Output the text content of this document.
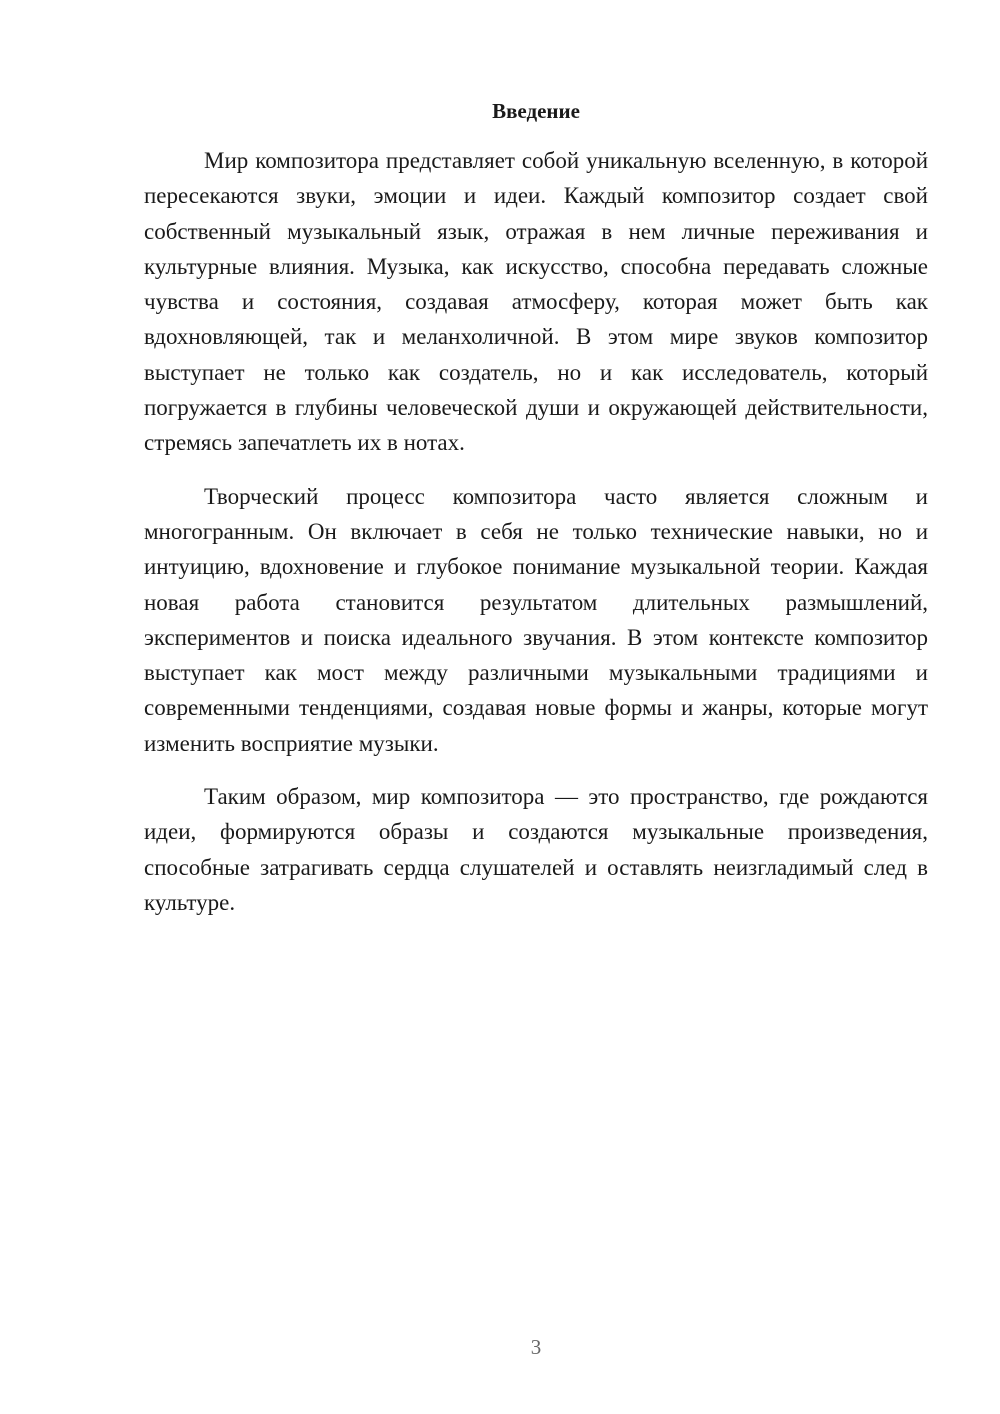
Введение

Мир композитора представляет собой уникальную вселенную, в которой пересекаются звуки, эмоции и идеи. Каждый композитор создает свой собственный музыкальный язык, отражая в нем личные переживания и культурные влияния. Музыка, как искусство, способна передавать сложные чувства и состояния, создавая атмосферу, которая может быть как вдохновляющей, так и меланхоличной. В этом мире звуков композитор выступает не только как создатель, но и как исследователь, который погружается в глубины человеческой души и окружающей действительности, стремясь запечатлеть их в нотах.

Творческий процесс композитора часто является сложным и многогранным. Он включает в себя не только технические навыки, но и интуицию, вдохновение и глубокое понимание музыкальной теории. Каждая новая работа становится результатом длительных размышлений, экспериментов и поиска идеального звучания. В этом контексте композитор выступает как мост между различными музыкальными традициями и современными тенденциями, создавая новые формы и жанры, которые могут изменить восприятие музыки.

Таким образом, мир композитора — это пространство, где рождаются идеи, формируются образы и создаются музыкальные произведения, способные затрагивать сердца слушателей и оставлять неизгладимый след в культуре.

3
